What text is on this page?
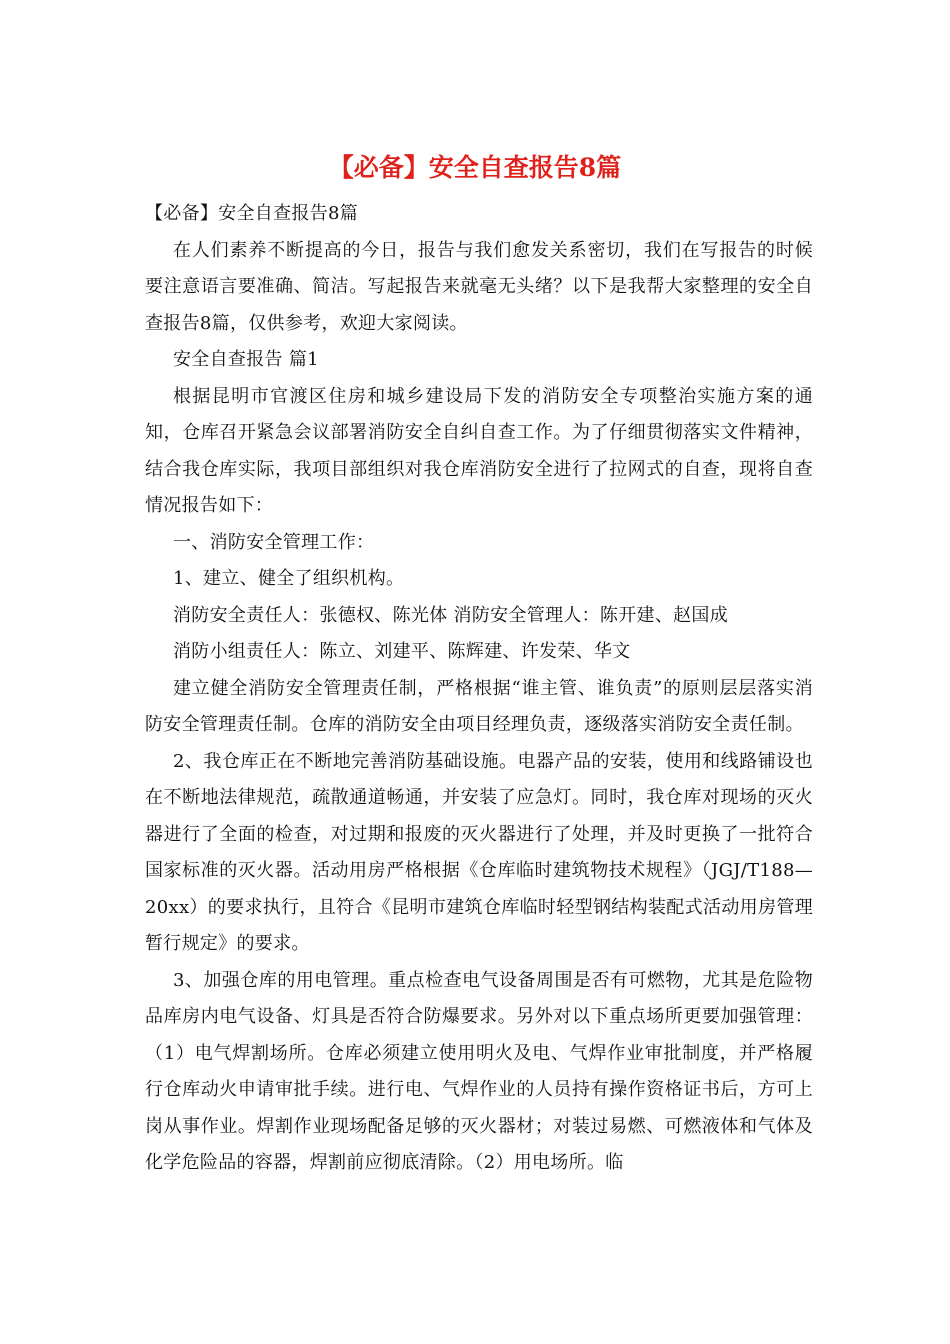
【必备】安全自查报告8篇

【必备】安全自查报告8篇

在人们素养不断提高的今日，报告与我们愈发关系密切，我们在写报告的时候要注意语言要准确、简洁。写起报告来就毫无头绪？以下是我帮大家整理的安全自查报告8篇，仅供参考，欢迎大家阅读。

安全自查报告 篇1

根据昆明市官渡区住房和城乡建设局下发的消防安全专项整治实施方案的通知，仓库召开紧急会议部署消防安全自纠自查工作。为了仔细贯彻落实文件精神，结合我仓库实际，我项目部组织对我仓库消防安全进行了拉网式的自查，现将自查情况报告如下：

一、消防安全管理工作：

1、建立、健全了组织机构。

消防安全责任人：张德权、陈光体 消防安全管理人：陈开建、赵国成

消防小组责任人：陈立、刘建平、陈辉建、许发荣、华文

建立健全消防安全管理责任制，严格根据“谁主管、谁负责”的原则层层落实消防安全管理责任制。仓库的消防安全由项目经理负责，逐级落实消防安全责任制。

2、我仓库正在不断地完善消防基础设施。电器产品的安装，使用和线路铺设也在不断地法律规范，疏散通道畅通，并安装了应急灯。同时，我仓库对现场的灭火器进行了全面的检查，对过期和报废的灭火器进行了处理，并及时更换了一批符合国家标准的灭火器。活动用房严格根据《仓库临时建筑物技术规程》（JGJ/T188—20xx）的要求执行，且符合《昆明市建筑仓库临时轻型钢结构装配式活动用房管理暂行规定》的要求。

3、加强仓库的用电管理。重点检查电气设备周围是否有可燃物，尤其是危险物品库房内电气设备、灯具是否符合防爆要求。另外对以下重点场所更要加强管理：（1）电气焊割场所。仓库必须建立使用明火及电、气焊作业审批制度，并严格履行仓库动火申请审批手续。进行电、气焊作业的人员持有操作资格证书后，方可上岗从事作业。焊割作业现场配备足够的灭火器材；对装过易燃、可燃液体和气体及化学危险品的容器，焊割前应彻底清除。（2）用电场所。临
